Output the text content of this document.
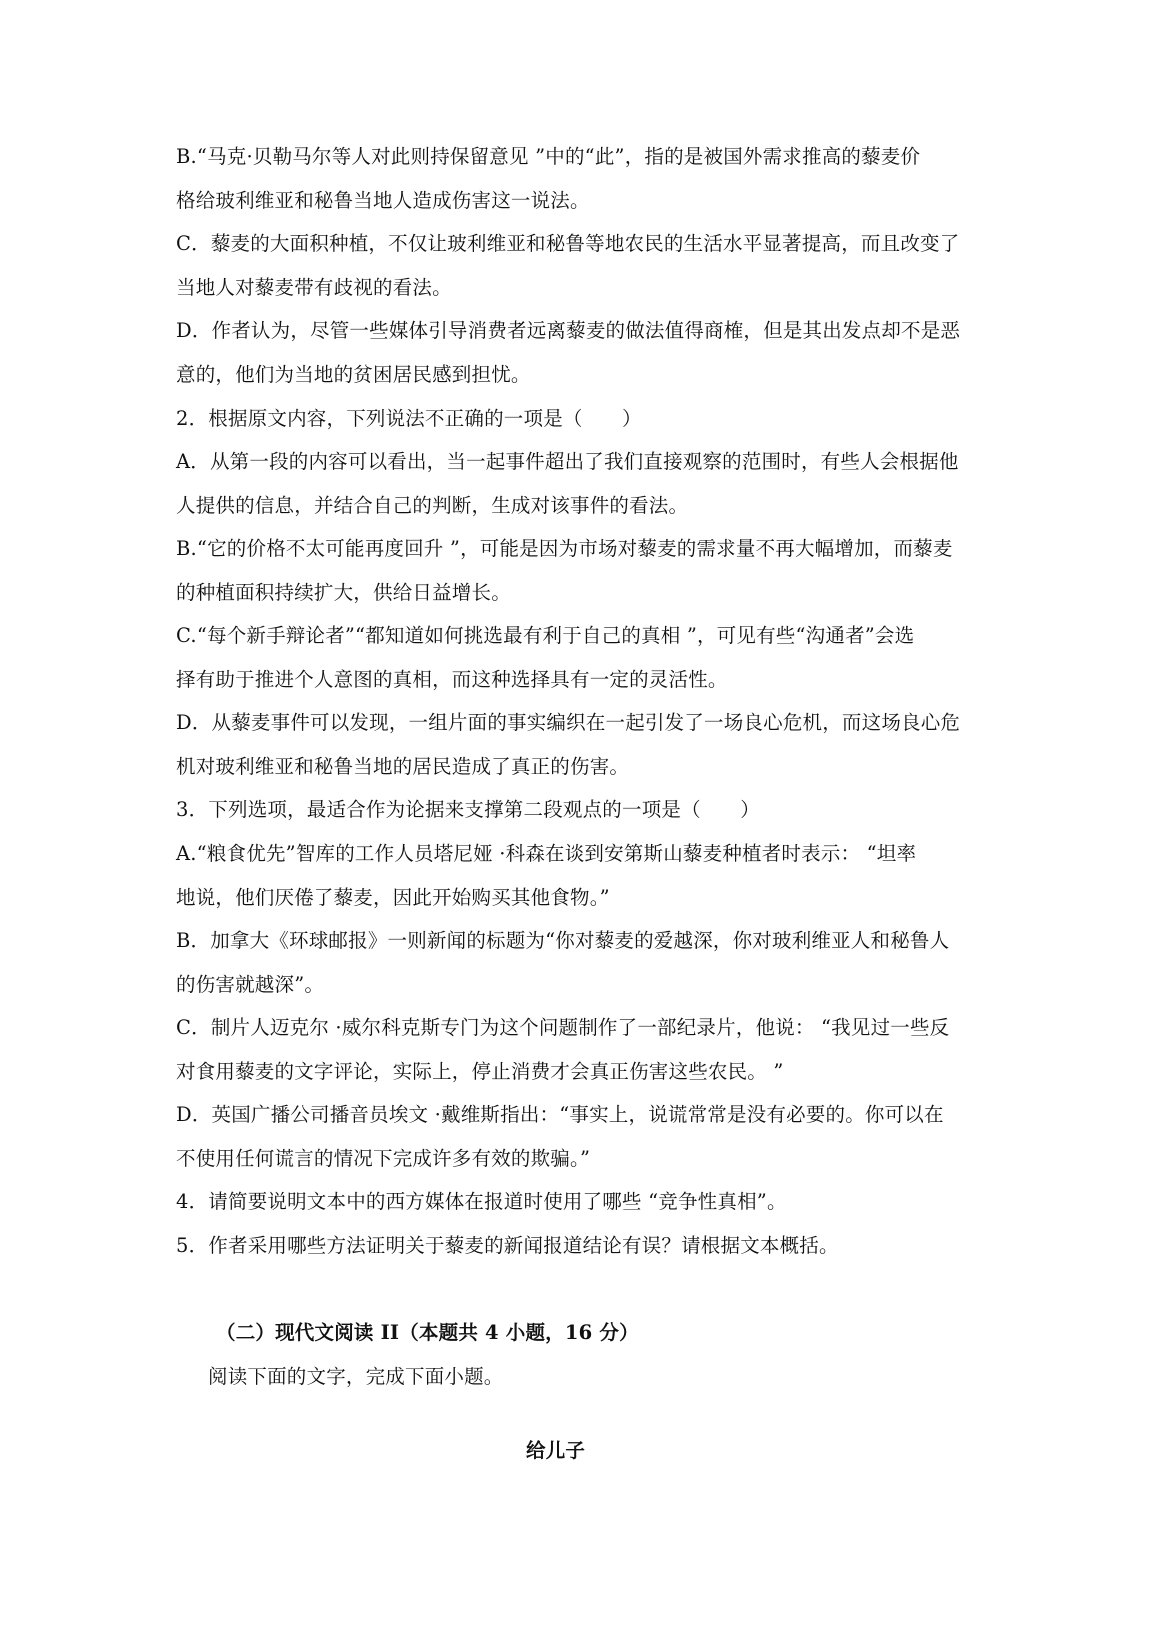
B.“马克·贝勒马尔等人对此则持保留意见 ”中的“此”，指的是被国外需求推高的藜麦价
格给玻利维亚和秘鲁当地人造成伤害这一说法。
C．藜麦的大面积种植，不仅让玻利维亚和秘鲁等地农民的生活水平显著提高，而且改变了
当地人对藜麦带有歧视的看法。
D．作者认为，尽管一些媒体引导消费者远离藜麦的做法值得商榷，但是其出发点却不是恶
意的，他们为当地的贫困居民感到担忧。
2．根据原文内容，下列说法不正确的一项是（　　）
A．从第一段的内容可以看出，当一起事件超出了我们直接观察的范围时，有些人会根据他
人提供的信息，并结合自己的判断，生成对该事件的看法。
B.“它的价格不太可能再度回升 ”，可能是因为市场对藜麦的需求量不再大幅增加，而藜麦
的种植面积持续扩大，供给日益增长。
C.“每个新手辩论者”“都知道如何挑选最有利于自己的真相 ”，可见有些“沟通者”会选
择有助于推进个人意图的真相，而这种选择具有一定的灵活性。
D．从藜麦事件可以发现，一组片面的事实编织在一起引发了一场良心危机，而这场良心危
机对玻利维亚和秘鲁当地的居民造成了真正的伤害。
3．下列选项，最适合作为论据来支撑第二段观点的一项是（　　）
A.“粮食优先”智库的工作人员塔尼娅 ·科森在谈到安第斯山藜麦种植者时表示： “坦率
地说，他们厌倦了藜麦，因此开始购买其他食物。”
B．加拿大《环球邮报》一则新闻的标题为“你对藜麦的爱越深，你对玻利维亚人和秘鲁人
的伤害就越深”。
C．制片人迈克尔 ·威尔科克斯专门为这个问题制作了一部纪录片，他说： “我见过一些反
对食用藜麦的文字评论，实际上，停止消费才会真正伤害这些农民。 ”
D．英国广播公司播音员埃文 ·戴维斯指出：“事实上，说谎常常是没有必要的。你可以在
不使用任何谎言的情况下完成许多有效的欺骗。”
4．请简要说明文本中的西方媒体在报道时使用了哪些 “竞争性真相”。
5．作者采用哪些方法证明关于藜麦的新闻报道结论有误？请根据文本概括。
（二）现代文阅读 II（本题共 4 小题，16 分）
阅读下面的文字，完成下面小题。
给儿子
